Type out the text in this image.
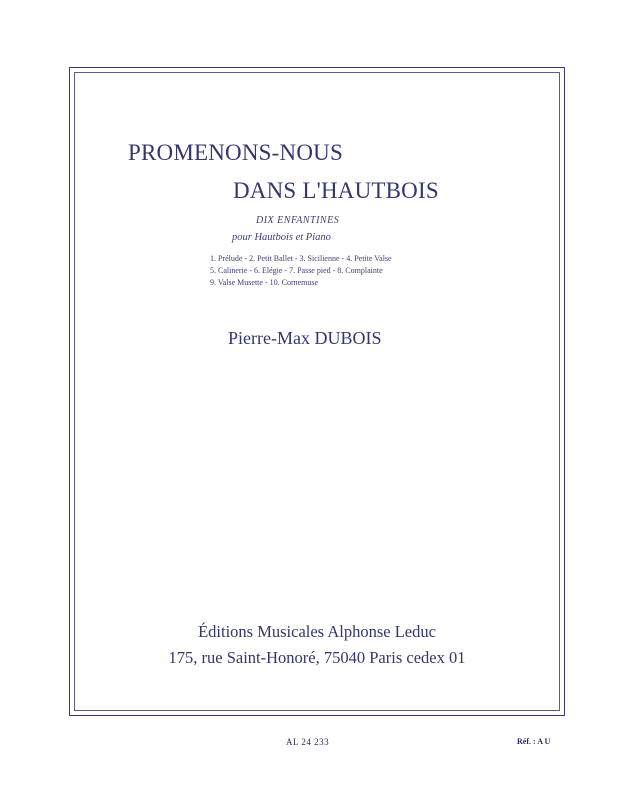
PROMENONS-NOUS
DANS L'HAUTBOIS
DIX ENFANTINES
pour Hautbois et Piano
1. Prélude - 2. Petit Ballet - 3. Sicilienne - 4. Petite Valse
5. Calinerie - 6. Elégie - 7. Passe pied - 8. Complainte
9. Valse Musette - 10. Cornemuse
Pierre-Max DUBOIS
Éditions Musicales Alphonse Leduc
175, rue Saint-Honoré, 75040 Paris cedex 01
AL 24 233	Réf. : A U
